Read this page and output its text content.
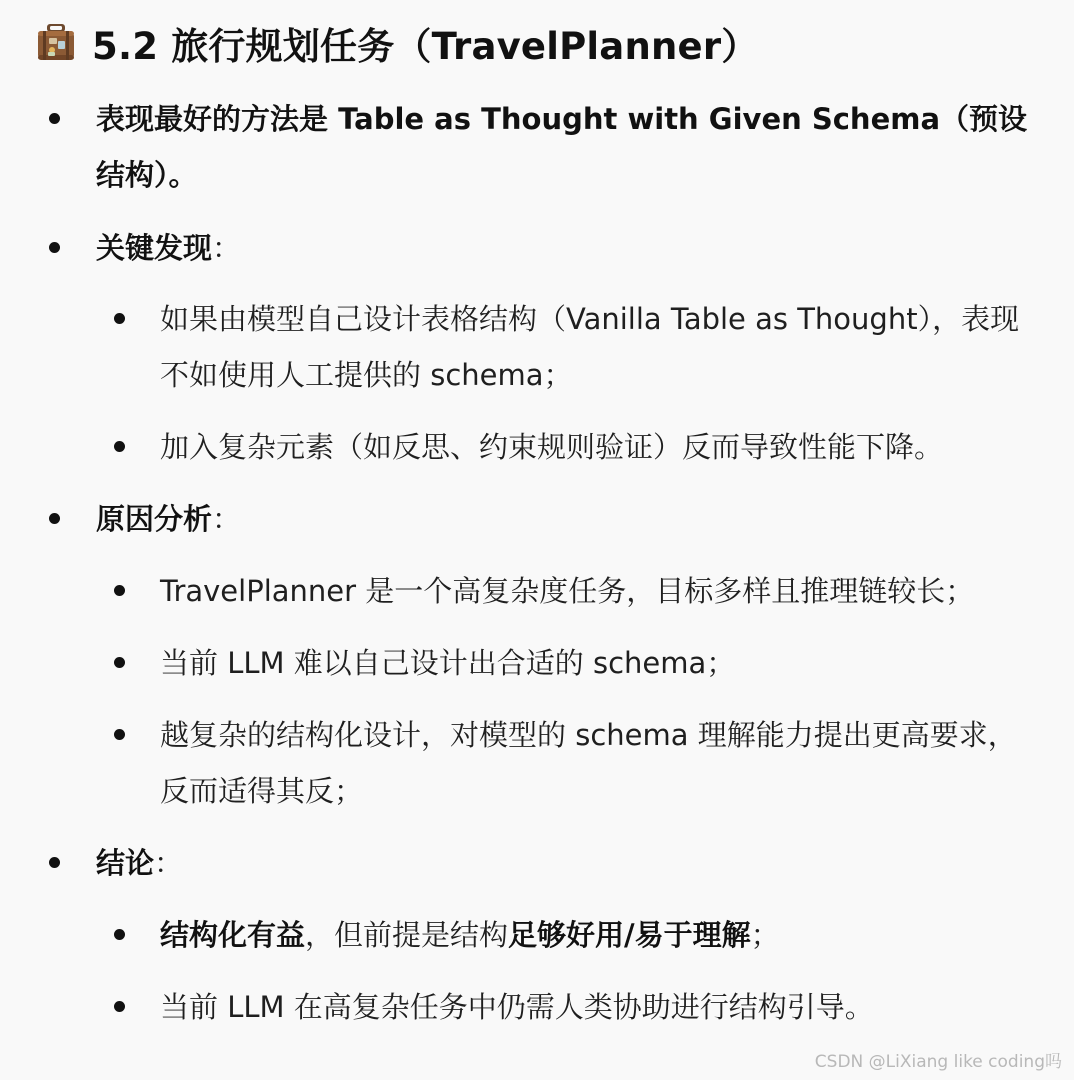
5.2 旅行规划任务（TravelPlanner）
表现最好的方法是 Table as Thought with Given Schema（预设结构）。
关键发现：
如果由模型自己设计表格结构（Vanilla Table as Thought），表现不如使用人工提供的 schema；
加入复杂元素（如反思、约束规则验证）反而导致性能下降。
原因分析：
TravelPlanner 是一个高复杂度任务，目标多样且推理链较长；
当前 LLM 难以自己设计出合适的 schema；
越复杂的结构化设计，对模型的 schema 理解能力提出更高要求，反而适得其反；
结论：
结构化有益，但前提是结构足够好用/易于理解；
当前 LLM 在高复杂任务中仍需人类协助进行结构引导。
CSDN @LiXiang like coding吗
